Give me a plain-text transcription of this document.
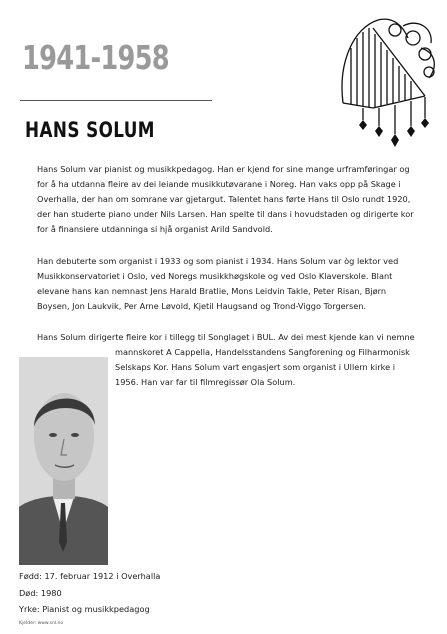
1941-1958
HANS SOLUM
Hans Solum var pianist og musikkpedagog. Han er kjend for sine mange urframføringar og for å ha utdanna fleire av dei leiande musikkutøvarane i Noreg. Han vaks opp på Skage i Overhalla, der han om somrane var gjetargut. Talentet hans førte Hans til Oslo rundt 1920, der han studerte piano under Nils Larsen. Han spelte til dans i hovudstaden og dirigerte kor for å finansiere utdanninga si hjå organist Arild Sandvold.
Han debuterte som organist i 1933 og som pianist i 1934. Hans Solum var òg lektor ved Musikkonservatoriet i Oslo, ved Noregs musikkhøgskole og ved Oslo Klaverskole. Blant elevane hans kan nemnast Jens Harald Bratlie, Mons Leidvin Takle, Peter Risan, Bjørn Boysen, Jon Laukvik, Per Arne Løvold, Kjetil Haugsand og Trond-Viggo Torgersen.
Hans Solum dirigerte fleire kor i tillegg til Songlaget i BUL. Av dei mest kjende kan vi nemne
mannskoret A Cappella, Handelsstandens Sangforening og Filharmonisk Selskaps Kor. Hans Solum vart engasjert som organist i Ullern kirke i 1956. Han var far til filmregissør Ola Solum.
Fødd: 17. februar 1912 i Overhalla
Død: 1980
Yrke: Pianist og musikkpedagog
Kjelder: www.snl.no
